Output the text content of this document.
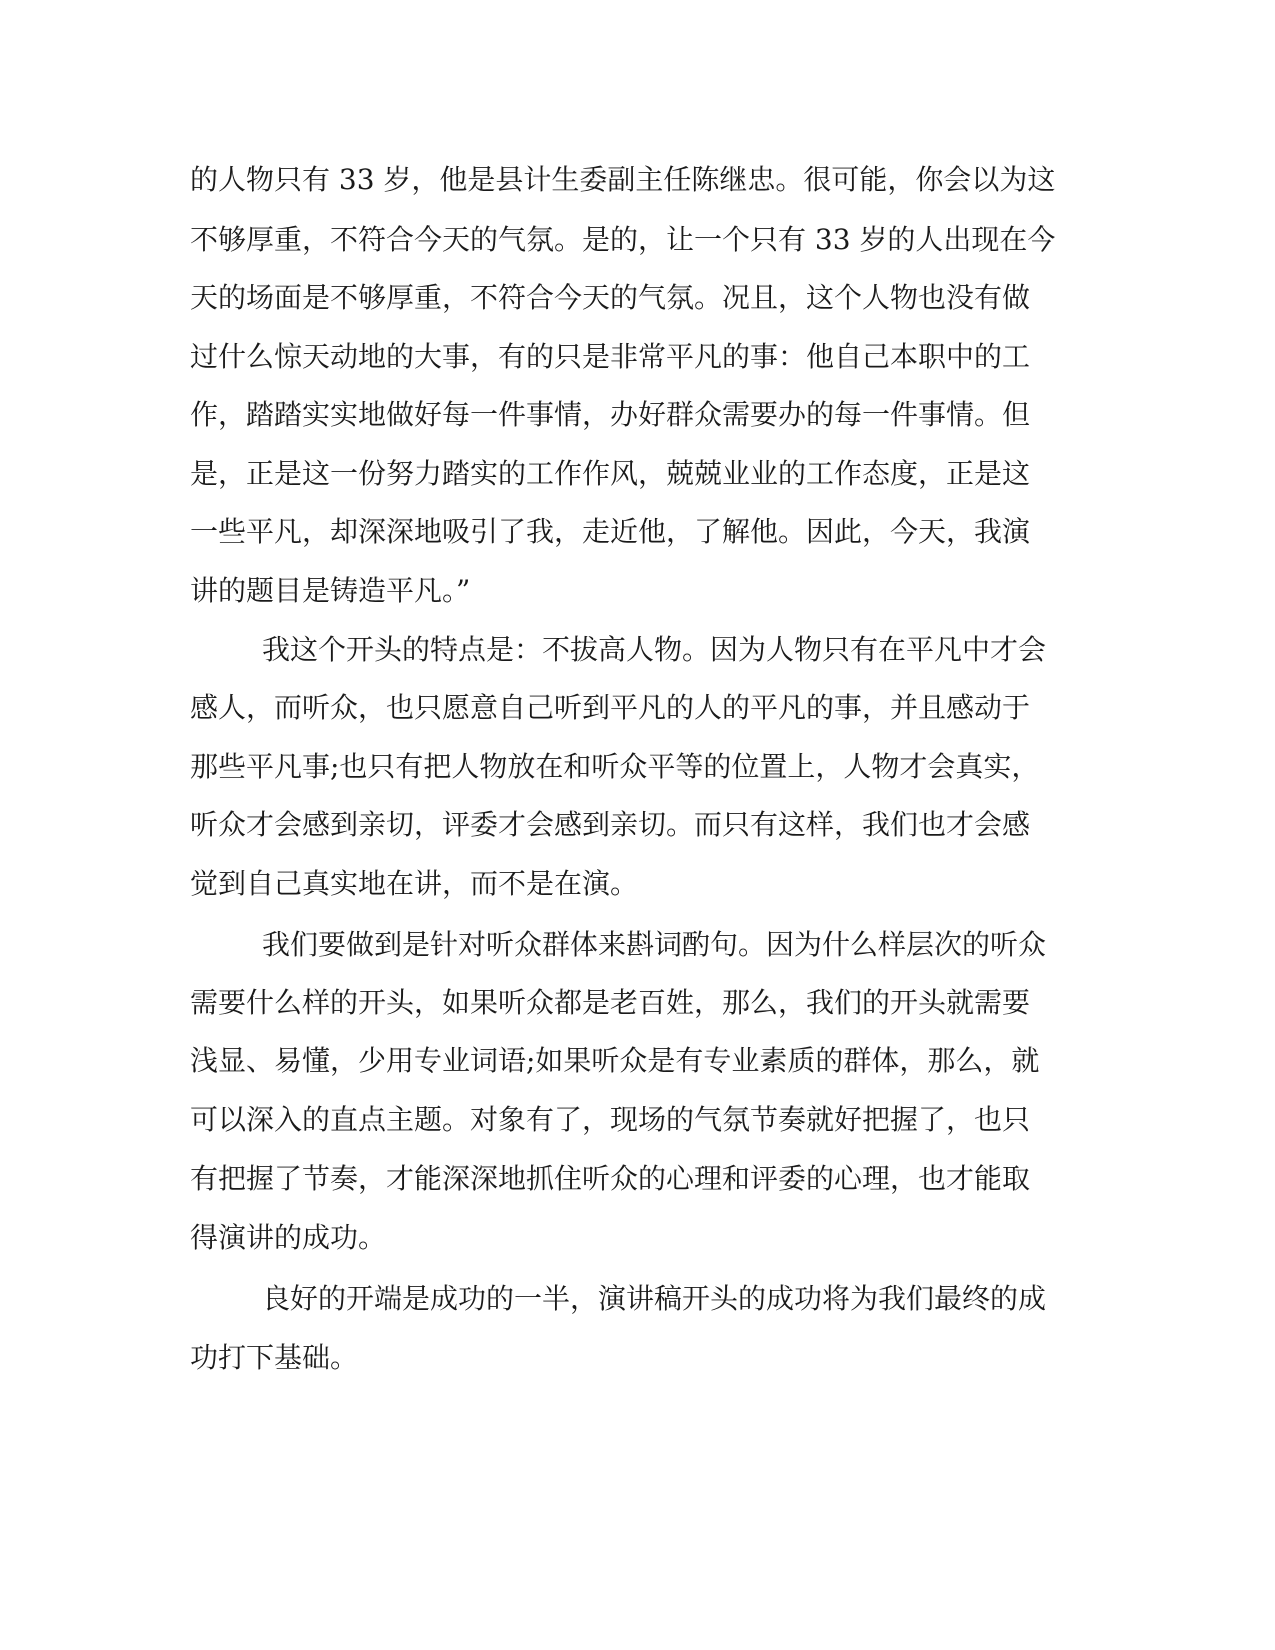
的人物只有 33 岁，他是县计生委副主任陈继忠。很可能，你会以为这
不够厚重，不符合今天的气氛。是的，让一个只有 33 岁的人出现在今
天的场面是不够厚重，不符合今天的气氛。况且，这个人物也没有做
过什么惊天动地的大事，有的只是非常平凡的事：他自己本职中的工
作，踏踏实实地做好每一件事情，办好群众需要办的每一件事情。但
是，正是这一份努力踏实的工作作风，兢兢业业的工作态度，正是这
一些平凡，却深深地吸引了我，走近他，了解他。因此，今天，我演
讲的题目是铸造平凡。”
我这个开头的特点是：不拔高人物。因为人物只有在平凡中才会
感人，而听众，也只愿意自己听到平凡的人的平凡的事，并且感动于
那些平凡事;也只有把人物放在和听众平等的位置上，人物才会真实，
听众才会感到亲切，评委才会感到亲切。而只有这样，我们也才会感
觉到自己真实地在讲，而不是在演。
我们要做到是针对听众群体来斟词酌句。因为什么样层次的听众
需要什么样的开头，如果听众都是老百姓，那么，我们的开头就需要
浅显、易懂，少用专业词语;如果听众是有专业素质的群体，那么，就
可以深入的直点主题。对象有了，现场的气氛节奏就好把握了，也只
有把握了节奏，才能深深地抓住听众的心理和评委的心理，也才能取
得演讲的成功。
良好的开端是成功的一半，演讲稿开头的成功将为我们最终的成
功打下基础。
